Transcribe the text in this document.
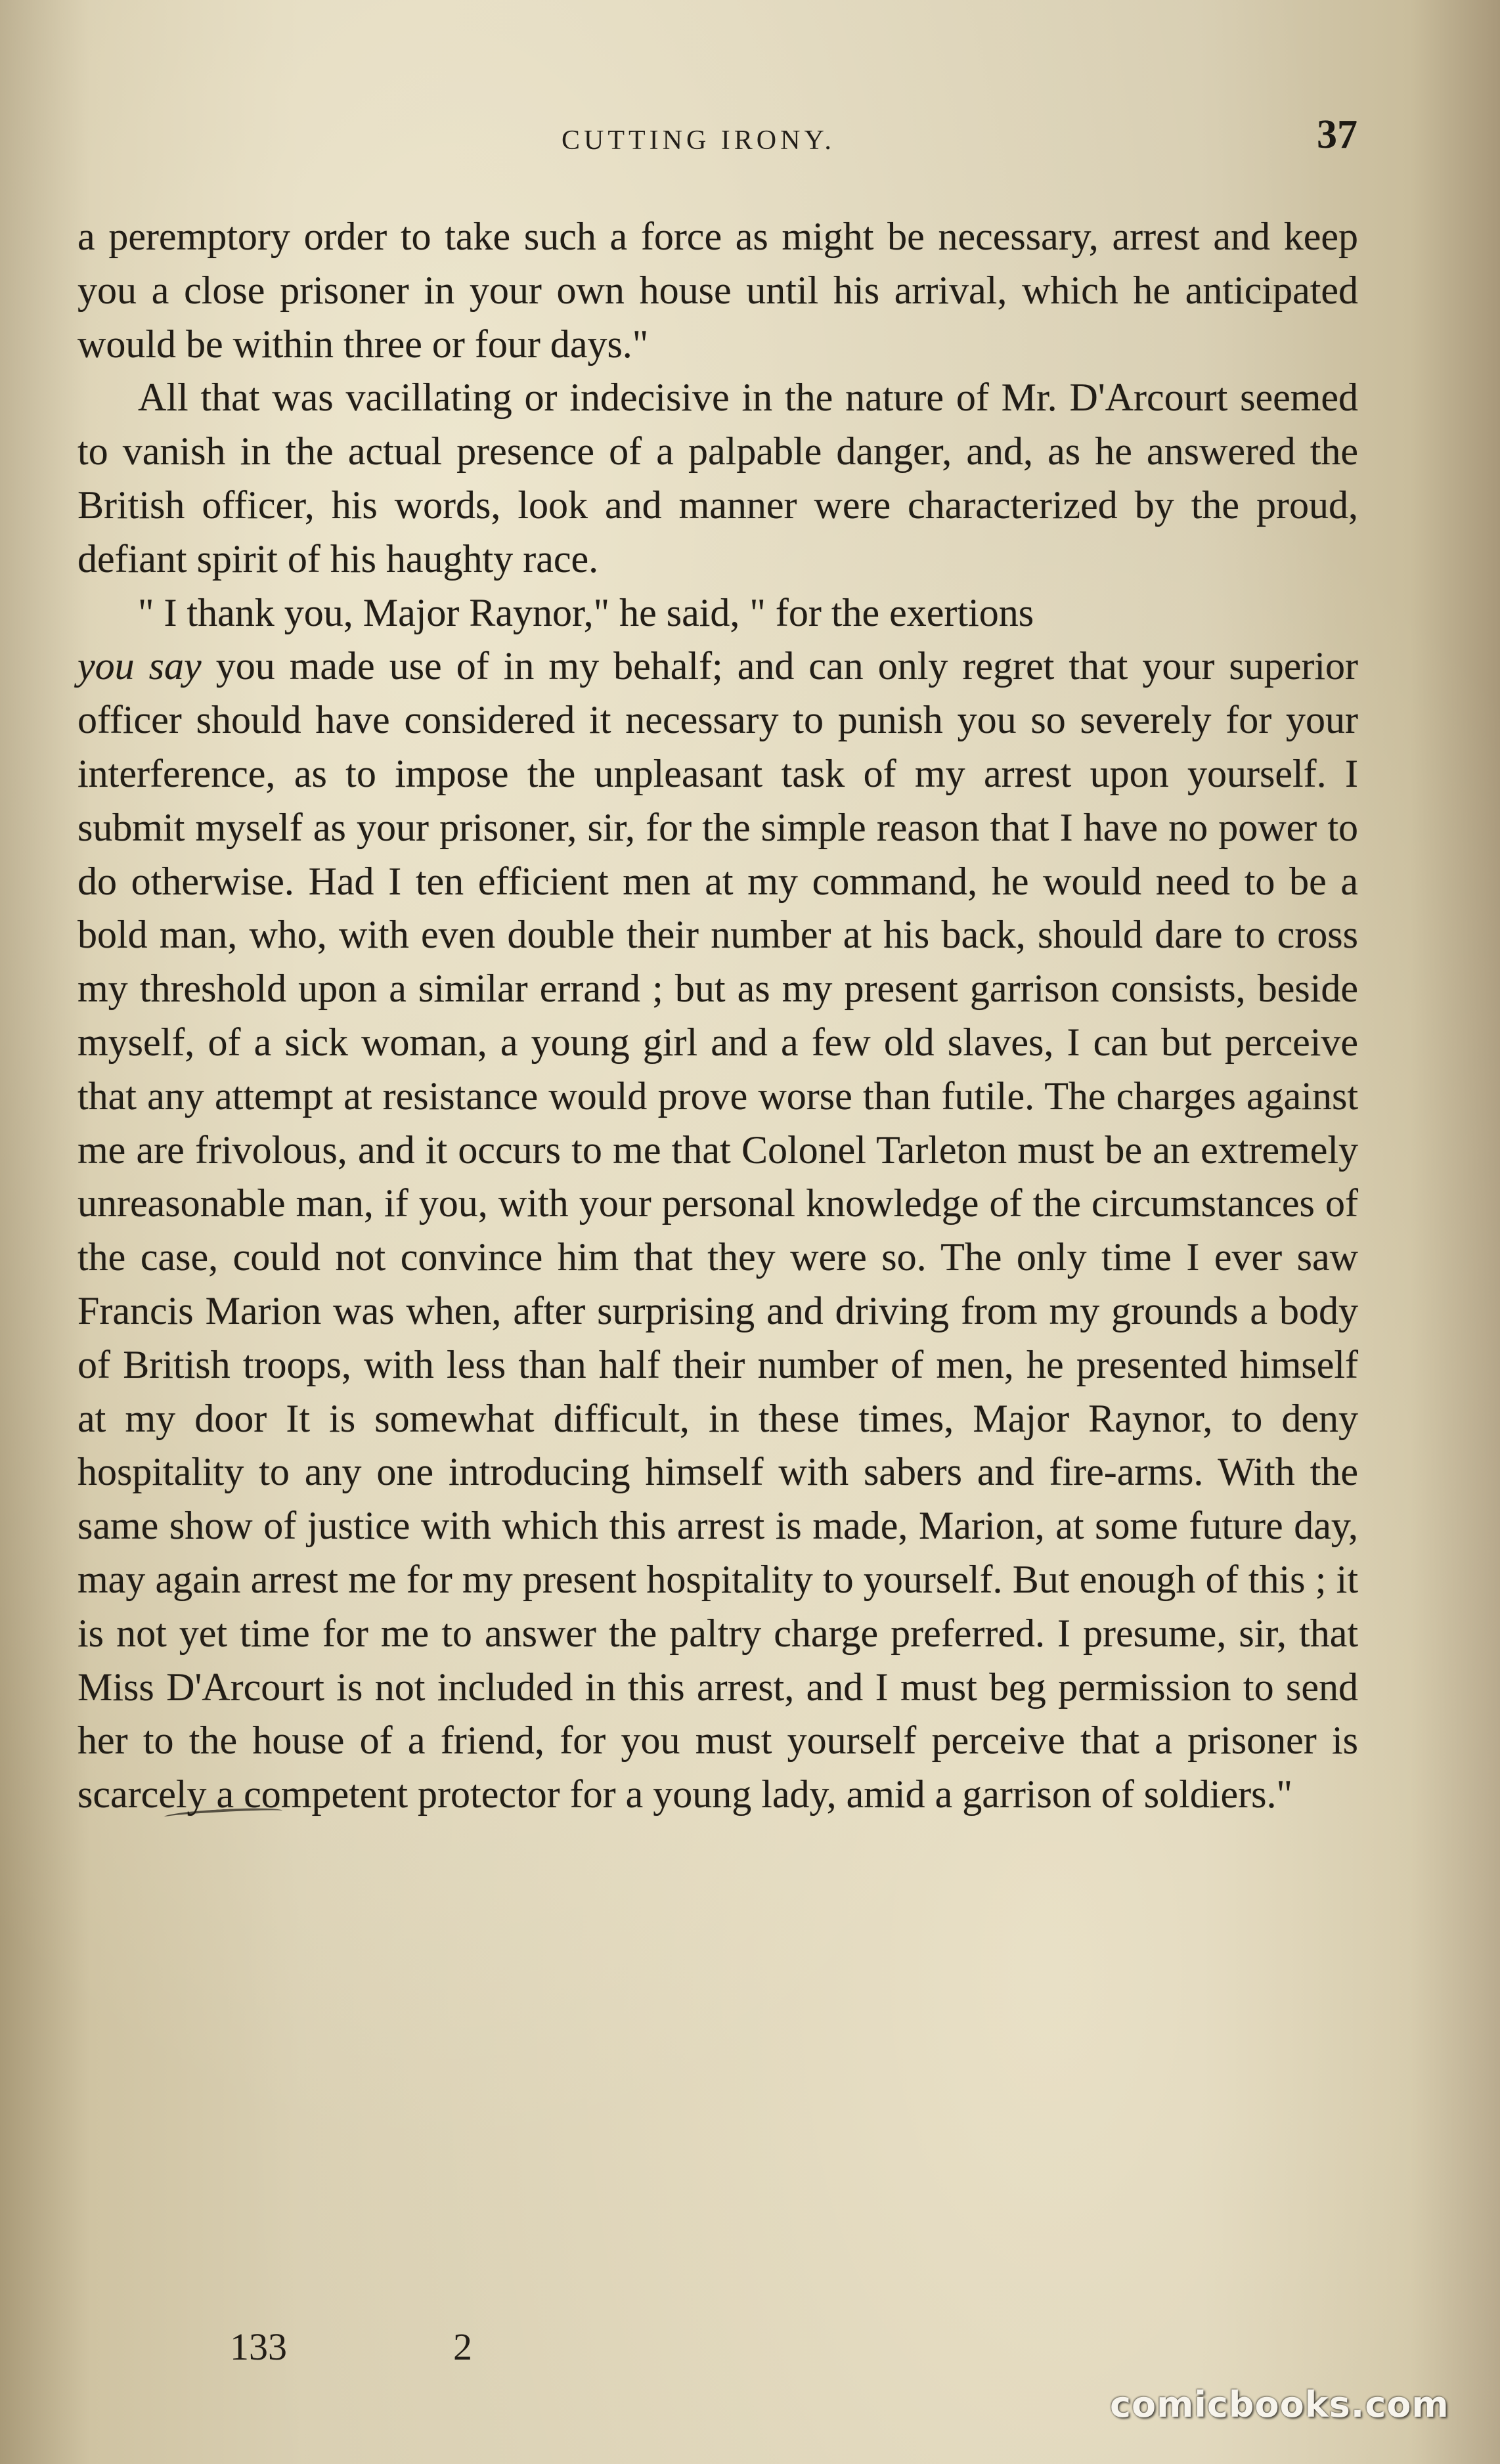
CUTTING IRONY.	37

a peremptory order to take such a force as might be necessary, arrest and keep you a close prisoner in your own house until his arrival, which he anticipated would be within three or four days."

All that was vacillating or indecisive in the nature of Mr. D'Arcourt seemed to vanish in the actual presence of a palpable danger, and, as he answered the British officer, his words, look and manner were characterized by the proud, defiant spirit of his haughty race.

" I thank you, Major Raynor," he said, " for the exertions
you say you made use of in my behalf; and can only regret that your superior officer should have considered it necessary to punish you so severely for your interference, as to impose the unpleasant task of my arrest upon yourself. I submit myself as your prisoner, sir, for the simple reason that I have no power to do otherwise. Had I ten efficient men at my command, he would need to be a bold man, who, with even double their number at his back, should dare to cross my threshold upon a similar errand ; but as my present garrison consists, beside myself, of a sick woman, a young girl and a few old slaves, I can but perceive that any attempt at resistance would prove worse than futile. The charges against me are frivolous, and it occurs to me that Colonel Tarleton must be an extremely unreasonable man, if you, with your personal knowledge of the circumstances of the case, could not convince him that they were so. The only time I ever saw Francis Marion was when, after surprising and driving from my grounds a body of British troops, with less than half their number of men, he presented himself at my door It is somewhat difficult, in these times, Major Raynor, to deny hospitality to any one introducing himself with sabers and fire-arms. With the same show of justice with which this arrest is made, Marion, at some future day, may again arrest me for my present hospitality to yourself. But enough of this ; it is not yet time for me to answer the paltry charge preferred. I presume, sir, that Miss D'Arcourt is not included in this arrest, and I must beg permission to send her to the house of a friend, for you must yourself perceive that a prisoner is scarcely a competent protector for a young lady, amid a garrison of soldiers."

133	2
comicbooks.com
